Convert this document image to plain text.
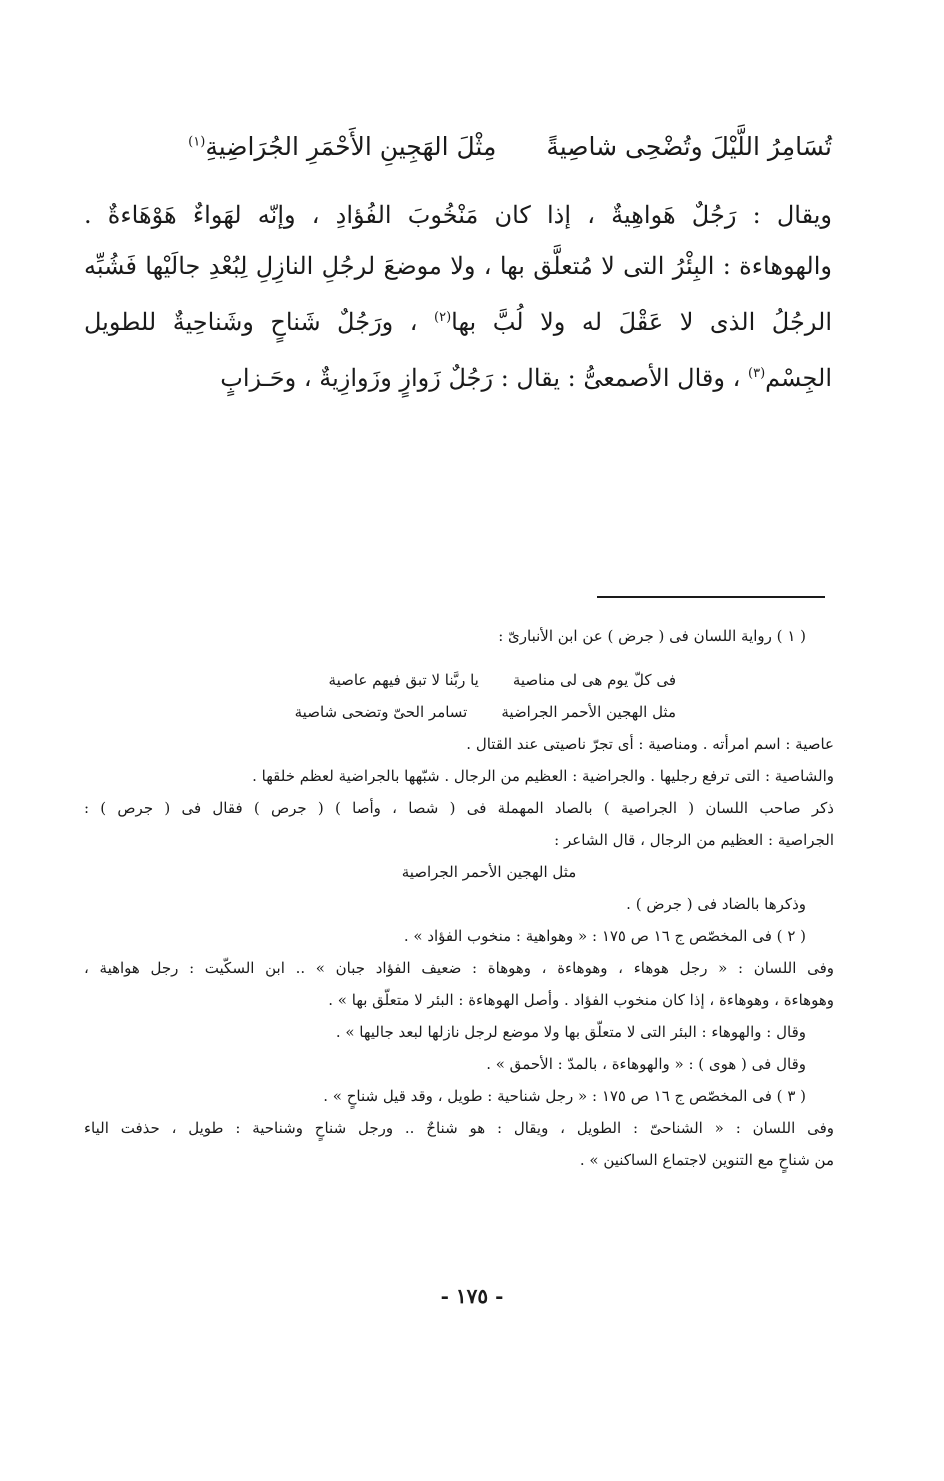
تُسَامِرُ اللَّيْلَ وتُضْحِى شاصِيةً
مِثْلَ الهَجِينِ الأَحْمَرِ الجُرَاضِيةِ$^{(١)}$
ويقال : رَجُلٌ هَواهِيةٌ ، إذا كان مَنْخُوبَ الفُؤادِ ، وإنّه لهَواءٌ هَوْهَاءةٌ .
والهوهاءة : البِئْرُ التى لا مُتعلَّق بها ، ولا موضعَ لرجُلِ النازِلِ لِبُعْدِ جالَيْها فَشُبِّه
الرجُلُ الذى لا عَقْلَ له ولا لُبَّ بها$^{(٢)}$ ، ورَجُلٌ شَناحٍ وشَناحِيةٌ للطويل
الجِسْم$^{(٣)}$ ، وقال الأصمعىُّ : يقال : رَجُلٌ زَوازٍ وزَوازِيةٌ ، وحَـزابٍ
( ١ ) رواية اللسان فى ( جرض ) عن ابن الأنبارىّ :
فى كلّ يوم هى لى مناصية
يا ربَّنا لا تبق فيهم عاصية
مثل الهجين الأحمر الجراضية
تسامر الحىّ وتضحى شاصية
عاصية : اسم امرأته . ومناصية : أى تجرّ ناصيتى عند القتال .
والشاصية : التى ترفع رجليها . والجراضية : العظيم من الرجال . شبّهها بالجراضية لعظم خلقها .
ذكر صاحب اللسان ( الجراصية ) بالصاد المهملة فى ( شصا ، وأصا ) ( جرص ) فقال فى ( جرص ) :
الجراصية : العظيم من الرجال ، قال الشاعر :
مثل الهجين الأحمر الجراصية
وذكرها بالضاد فى ( جرض ) .
( ٢ ) فى المخصّص ج ١٦ ص ١٧٥ : « وهواهية : منخوب الفؤاد » .
وفى اللسان : « رجل هوهاء ، وهوهاءة ، وهوهاة : ضعيف الفؤاد جبان » .. ابن السكّيت : رجل هواهية ،
وهوهاءة ، وهوهاءة ، إذا كان منخوب الفؤاد . وأصل الهوهاءة : البئر لا متعلّق بها » .
وقال : والهوهاء : البئر التى لا متعلّق بها ولا موضع لرجل نازلها لبعد جاليها » .
وقال فى ( هوى ) : « والهوهاءة ، بالمدّ : الأحمق » .
( ٣ ) فى المخصّص ج ١٦ ص ١٧٥ : « رجل شناحية : طويل ، وقد قيل شناحٍ » .
وفى اللسان : « الشناحىّ : الطويل ، ويقال : هو شناحٌ .. ورجل شناحٍ وشناحية : طويل ، حذفت الياء
من شناحٍ مع التنوين لاجتماع الساكنين » .
- ١٧٥ -
